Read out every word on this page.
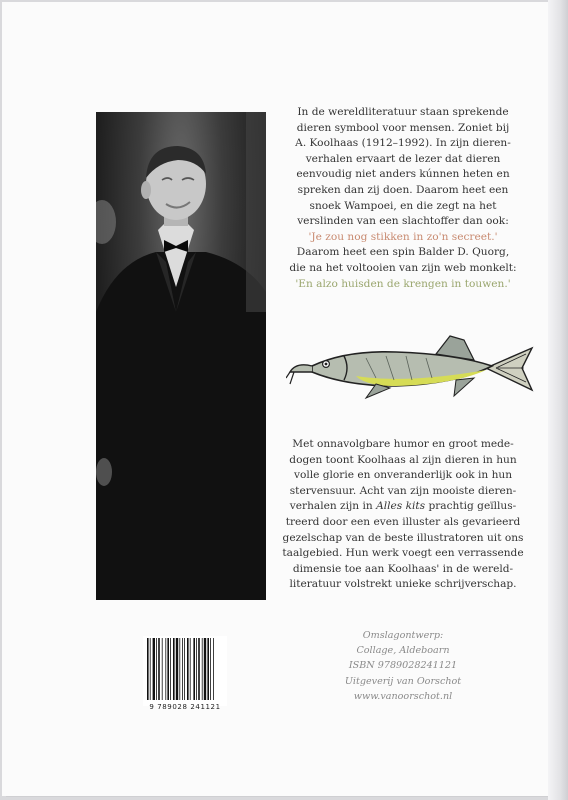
In de wereldliteratuur staan sprekende

dieren symbool voor mensen. Zoniet bij

A. Koolhaas (1912–1992). In zijn dieren-

verhalen ervaart de lezer dat dieren

eenvoudig niet anders kúnnen heten en

spreken dan zij doen. Daarom heet een

snoek Wampoei, en die zegt na het

verslinden van een slachtoffer dan ook:

'Je zou nog stikken in zo'n secreet.'

Daarom heet een spin Balder D. Quorg,

die na het voltooien van zijn web monkelt:

'En alzo huisden de krengen in touwen.'

Met onnavolgbare humor en groot mede-

dogen toont Koolhaas al zijn dieren in hun

volle glorie en onveranderlijk ook in hun

stervensuur. Acht van zijn mooiste dieren-

verhalen zijn in Alles kits prachtig geïllus-

treerd door een even illuster als gevarieerd

gezelschap van de beste illustratoren uit ons

taalgebied. Hun werk voegt een verrassende

dimensie toe aan Koolhaas' in de wereld-

literatuur volstrekt unieke schrijverschap.

9 789028 241121
Omslagontwerp:
Collage, Aldeboarn
ISBN 9789028241121
Uitgeverij van Oorschot
www.vanoorschot.nl
